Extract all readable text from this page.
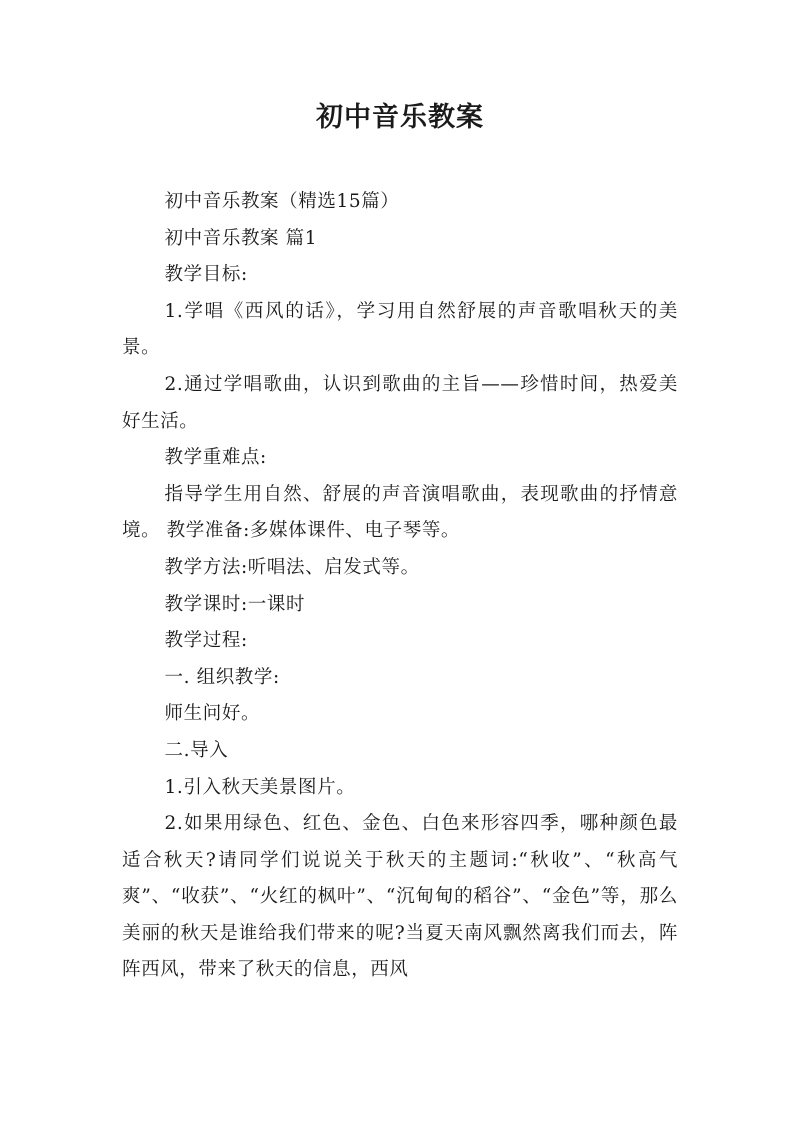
初中音乐教案

初中音乐教案（精选15篇）

初中音乐教案 篇1

教学目标:

1.学唱《西风的话》，学习用自然舒展的声音歌唱秋天的美景。

2.通过学唱歌曲，认识到歌曲的主旨——珍惜时间，热爱美好生活。

教学重难点:

指导学生用自然、舒展的声音演唱歌曲，表现歌曲的抒情意境。 教学准备:多媒体课件、电子琴等。

教学方法:听唱法、启发式等。

教学课时:一课时

教学过程:

一. 组织教学:

师生问好。

二.导入

1.引入秋天美景图片。

2.如果用绿色、红色、金色、白色来形容四季，哪种颜色最适合秋天?请同学们说说关于秋天的主题词:“秋收”、“秋高气爽”、“收获”、“火红的枫叶”、“沉甸甸的稻谷”、“金色”等，那么美丽的秋天是谁给我们带来的呢?当夏天南风飘然离我们而去，阵阵西风，带来了秋天的信息，西风
